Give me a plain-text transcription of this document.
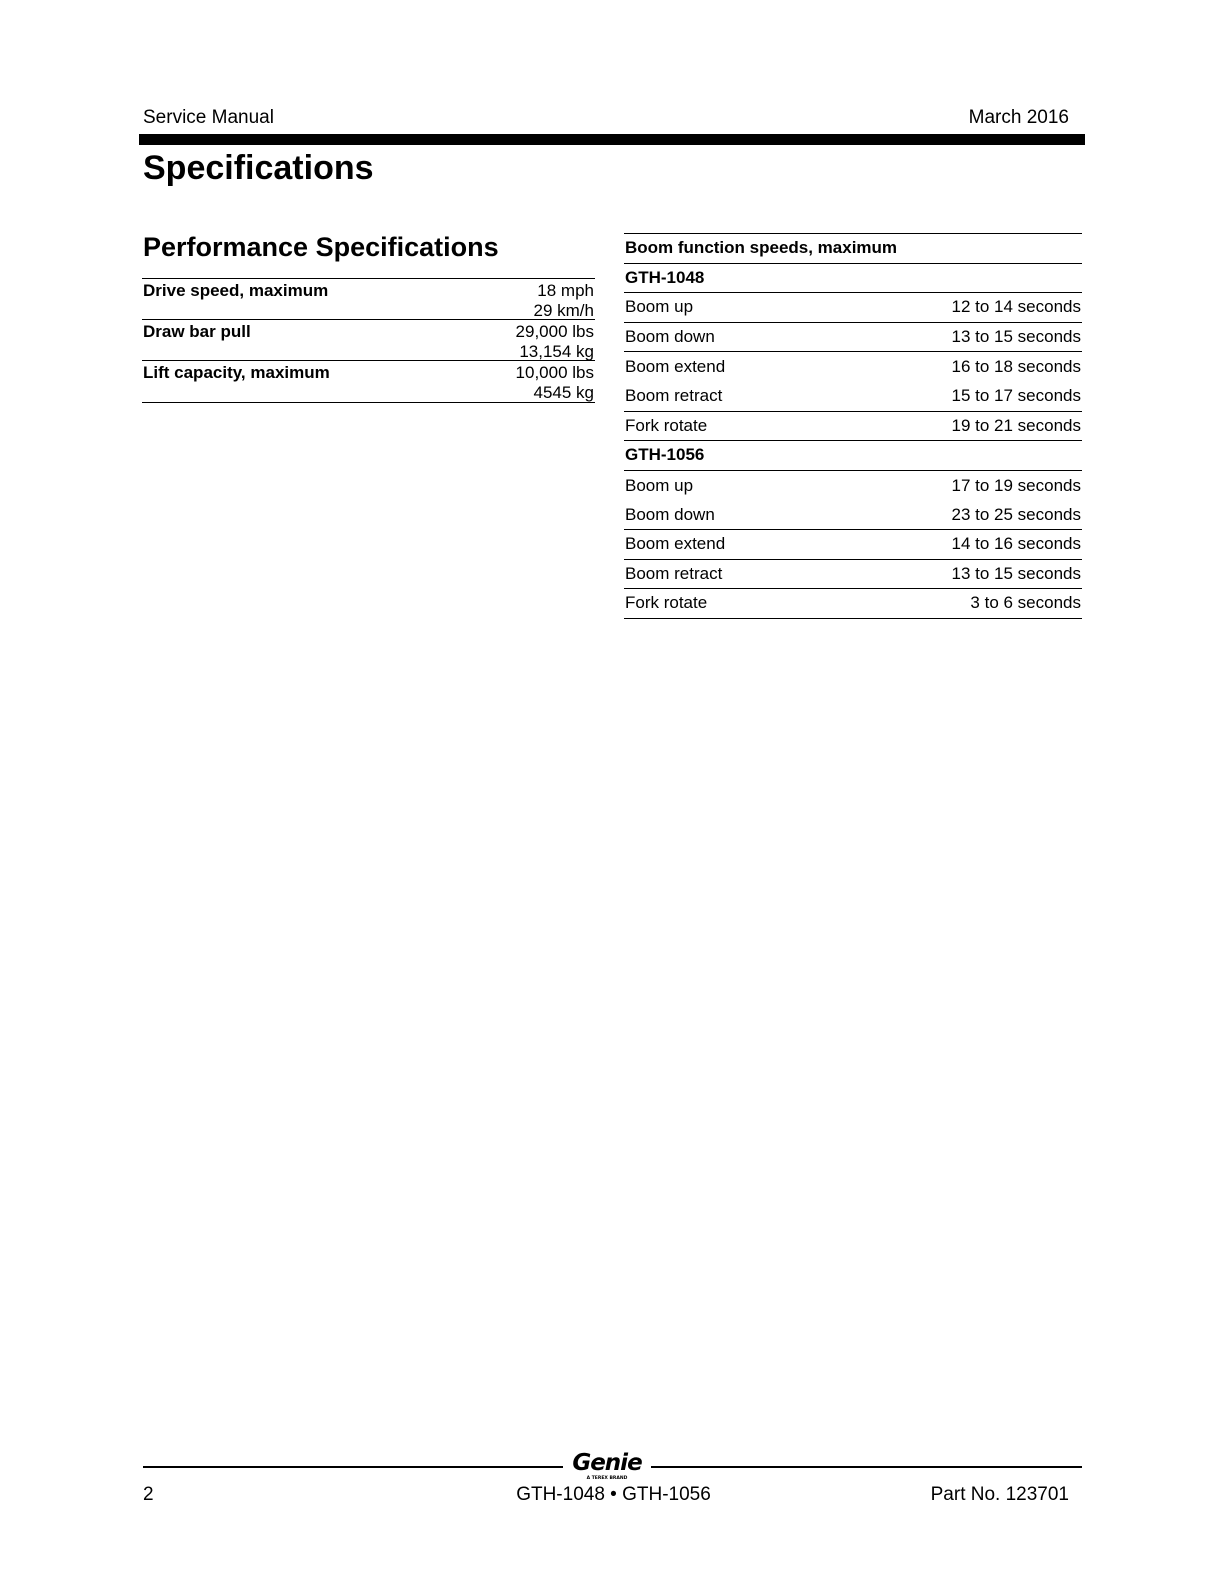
Service Manual	March 2016
Specifications
Performance Specifications
Drive speed, maximum	18 mph
29 km/h
Draw bar pull	29,000 lbs
13,154 kg
Lift capacity, maximum	10,000 lbs
4545 kg
Boom function speeds, maximum
GTH-1048
Boom up	12 to 14 seconds
Boom down	13 to 15 seconds
Boom extend	16 to 18 seconds
Boom retract	15 to 17 seconds
Fork rotate	19 to 21 seconds
GTH-1056
Boom up	17 to 19 seconds
Boom down	23 to 25 seconds
Boom extend	14 to 16 seconds
Boom retract	13 to 15 seconds
Fork rotate	3 to 6 seconds
Genie
A TEREX BRAND
2	GTH-1048 • GTH-1056	Part No. 123701
